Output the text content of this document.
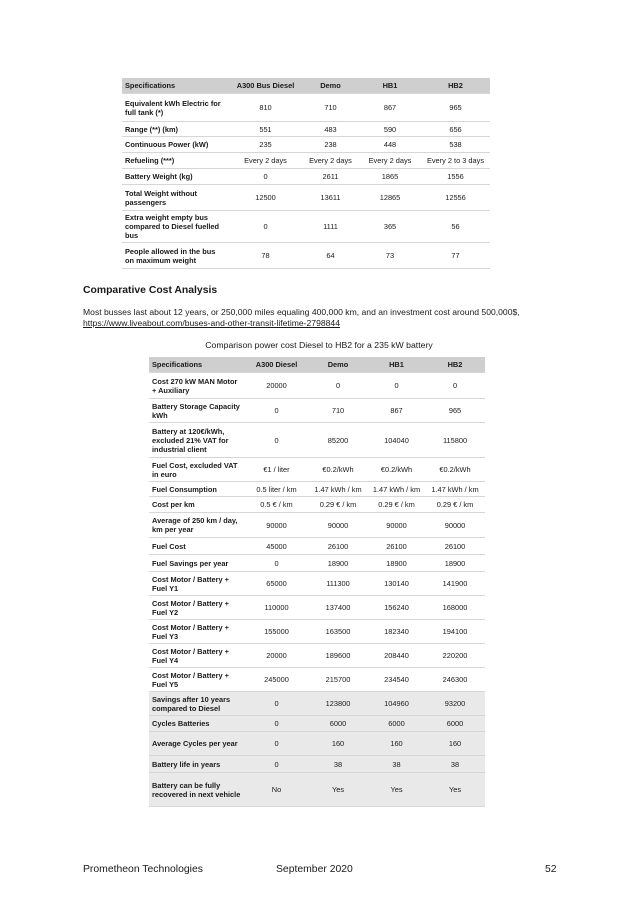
Specifications	A300 Bus Diesel	Demo	HB1	HB2
Equivalent kWh Electric for full tank (*)	810	710	867	965
Range (**) (km)	551	483	590	656
Continuous Power (kW)	235	238	448	538
Refueling (***)	Every 2 days	Every 2 days	Every 2 days	Every 2 to 3 days
Battery Weight (kg)	0	2611	1865	1556
Total Weight without passengers	12500	13611	12865	12556
Extra weight empty bus compared to Diesel fuelled bus	0	1111	365	56
People allowed in the bus on maximum weight	78	64	73	77
Comparative Cost Analysis
Most busses last about 12 years, or 250,000 miles equaling 400,000 km, and an investment cost around 500,000$, https://www.liveabout.com/buses-and-other-transit-lifetime-2798844
Comparison power cost Diesel to HB2 for a 235 kW battery
Specifications	A300 Diesel	Demo	HB1	HB2
Cost 270 kW MAN Motor + Auxiliary	20000	0	0	0
Battery Storage Capacity kWh	0	710	867	965
Battery at 120€/kWh, excluded 21% VAT for industrial client	0	85200	104040	115800
Fuel Cost, excluded VAT in euro	€1 / liter	€0.2/kWh	€0.2/kWh	€0.2/kWh
Fuel Consumption	0.5 liter / km	1.47 kWh / km	1.47 kWh / km	1.47 kWh / km
Cost per km	0.5 € / km	0.29 € / km	0.29 € / km	0.29 € / km
Average of 250 km / day, km per year	90000	90000	90000	90000
Fuel Cost	45000	26100	26100	26100
Fuel Savings per year	0	18900	18900	18900
Cost Motor / Battery + Fuel Y1	65000	111300	130140	141900
Cost Motor / Battery + Fuel Y2	110000	137400	156240	168000
Cost Motor / Battery + Fuel Y3	155000	163500	182340	194100
Cost Motor / Battery + Fuel Y4	20000	189600	208440	220200
Cost Motor / Battery + Fuel Y5	245000	215700	234540	246300
Savings after 10 years compared to Diesel	0	123800	104960	93200
Cycles Batteries	0	6000	6000	6000
Average Cycles per year	0	160	160	160
Battery life in years	0	38	38	38
Battery can be fully recovered in next vehicle	No	Yes	Yes	Yes
Prometheon Technologies	September 2020	52
